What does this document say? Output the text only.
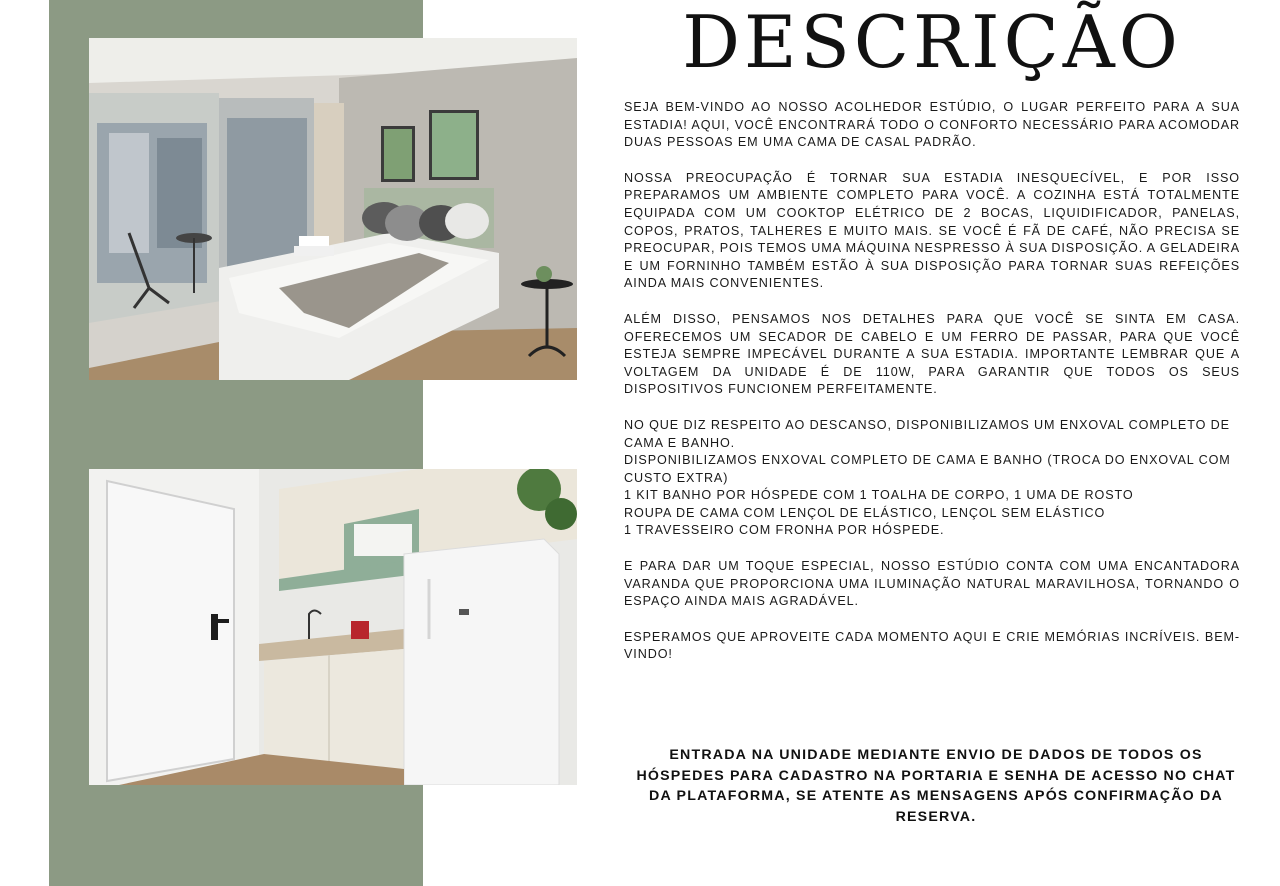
DESCRIÇÃO

SEJA BEM-VINDO AO NOSSO ACOLHEDOR ESTÚDIO, O LUGAR PERFEITO PARA A SUA ESTADIA! AQUI, VOCÊ ENCONTRARÁ TODO O CONFORTO NECESSÁRIO PARA ACOMODAR DUAS PESSOAS EM UMA CAMA DE CASAL PADRÃO.

NOSSA PREOCUPAÇÃO É TORNAR SUA ESTADIA INESQUECÍVEL, E POR ISSO PREPARAMOS UM AMBIENTE COMPLETO PARA VOCÊ. A COZINHA ESTÁ TOTALMENTE EQUIPADA COM UM COOKTOP ELÉTRICO DE 2 BOCAS, LIQUIDIFICADOR, PANELAS, COPOS, PRATOS, TALHERES E MUITO MAIS. SE VOCÊ É FÃ DE CAFÉ, NÃO PRECISA SE PREOCUPAR, POIS TEMOS UMA MÁQUINA NESPRESSO À SUA DISPOSIÇÃO. A GELADEIRA E UM FORNINHO TAMBÉM ESTÃO À SUA DISPOSIÇÃO PARA TORNAR SUAS REFEIÇÕES AINDA MAIS CONVENIENTES.

ALÉM DISSO, PENSAMOS NOS DETALHES PARA QUE VOCÊ SE SINTA EM CASA. OFERECEMOS UM SECADOR DE CABELO E UM FERRO DE PASSAR, PARA QUE VOCÊ ESTEJA SEMPRE IMPECÁVEL DURANTE A SUA ESTADIA. IMPORTANTE LEMBRAR QUE A VOLTAGEM DA UNIDADE É DE 110W, PARA GARANTIR QUE TODOS OS SEUS DISPOSITIVOS FUNCIONEM PERFEITAMENTE.

NO QUE DIZ RESPEITO AO DESCANSO, DISPONIBILIZAMOS UM ENXOVAL COMPLETO DE CAMA E BANHO.
DISPONIBILIZAMOS ENXOVAL COMPLETO DE CAMA E BANHO (TROCA DO ENXOVAL COM CUSTO EXTRA)
1 KIT BANHO POR HÓSPEDE COM 1 TOALHA DE CORPO, 1 UMA DE ROSTO
ROUPA DE CAMA COM LENÇOL DE ELÁSTICO, LENÇOL SEM ELÁSTICO
1 TRAVESSEIRO COM FRONHA POR HÓSPEDE.

E PARA DAR UM TOQUE ESPECIAL, NOSSO ESTÚDIO CONTA COM UMA ENCANTADORA VARANDA QUE PROPORCIONA UMA ILUMINAÇÃO NATURAL MARAVILHOSA, TORNANDO O ESPAÇO AINDA MAIS AGRADÁVEL.

ESPERAMOS QUE APROVEITE CADA MOMENTO AQUI E CRIE MEMÓRIAS INCRÍVEIS. BEM-VINDO!

ENTRADA NA UNIDADE MEDIANTE ENVIO DE DADOS DE TODOS OS HÓSPEDES PARA CADASTRO NA PORTARIA E SENHA DE ACESSO NO CHAT DA PLATAFORMA, SE ATENTE AS MENSAGENS APÓS CONFIRMAÇÃO DA RESERVA.
